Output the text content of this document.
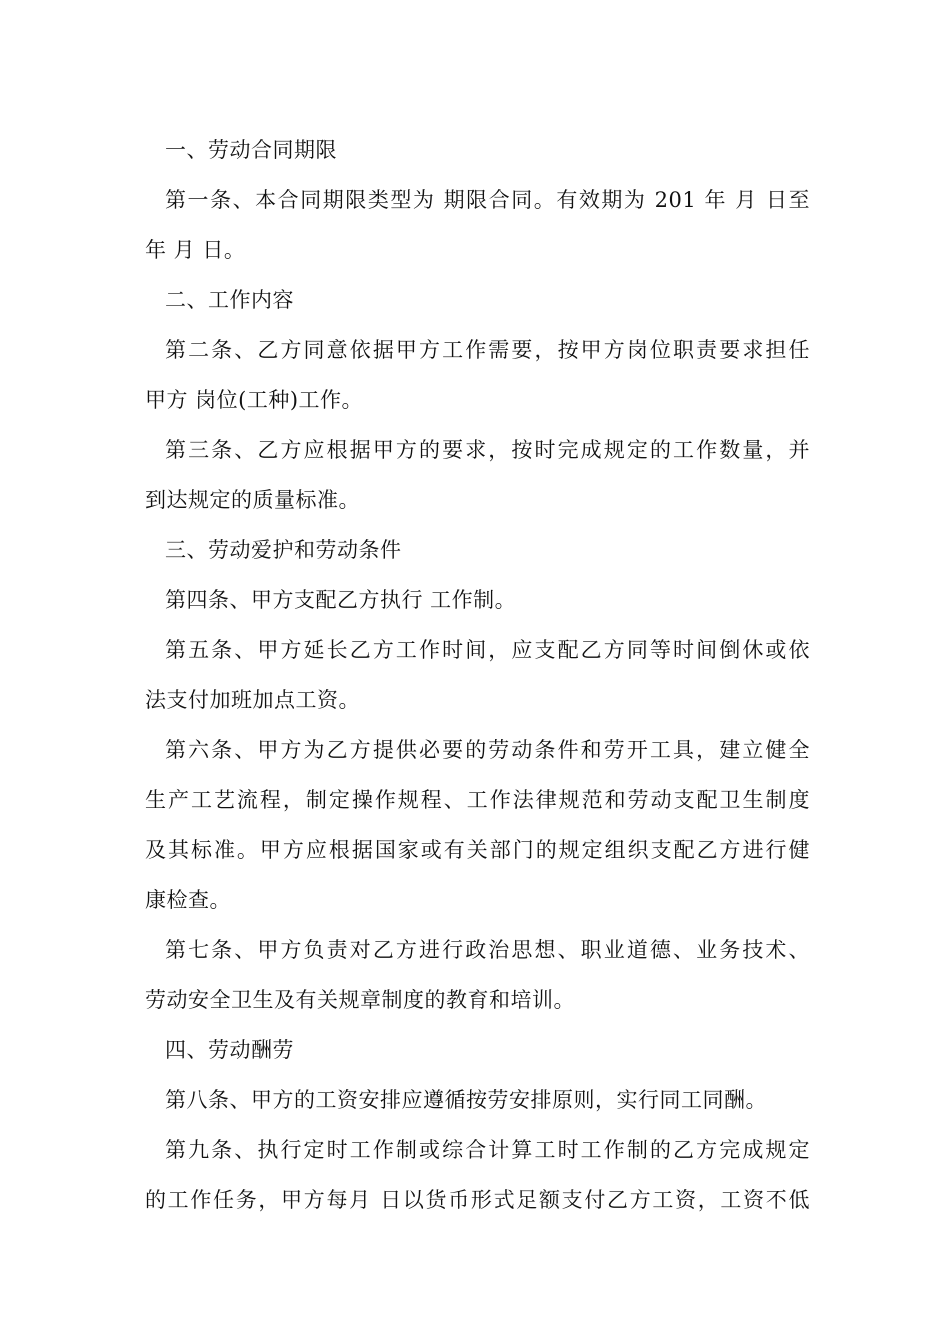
一、劳动合同期限
第一条、本合同期限类型为 期限合同。有效期为 201 年 月 日至
年 月 日。
二、工作内容
第二条、乙方同意依据甲方工作需要，按甲方岗位职责要求担任
甲方 岗位(工种)工作。
第三条、乙方应根据甲方的要求，按时完成规定的工作数量，并
到达规定的质量标准。
三、劳动爱护和劳动条件
第四条、甲方支配乙方执行 工作制。
第五条、甲方延长乙方工作时间，应支配乙方同等时间倒休或依
法支付加班加点工资。
第六条、甲方为乙方提供必要的劳动条件和劳开工具，建立健全
生产工艺流程，制定操作规程、工作法律规范和劳动支配卫生制度
及其标准。甲方应根据国家或有关部门的规定组织支配乙方进行健
康检查。
第七条、甲方负责对乙方进行政治思想、职业道德、业务技术、
劳动安全卫生及有关规章制度的教育和培训。
四、劳动酬劳
第八条、甲方的工资安排应遵循按劳安排原则，实行同工同酬。
第九条、执行定时工作制或综合计算工时工作制的乙方完成规定
的工作任务，甲方每月 日以货币形式足额支付乙方工资，工资不低
